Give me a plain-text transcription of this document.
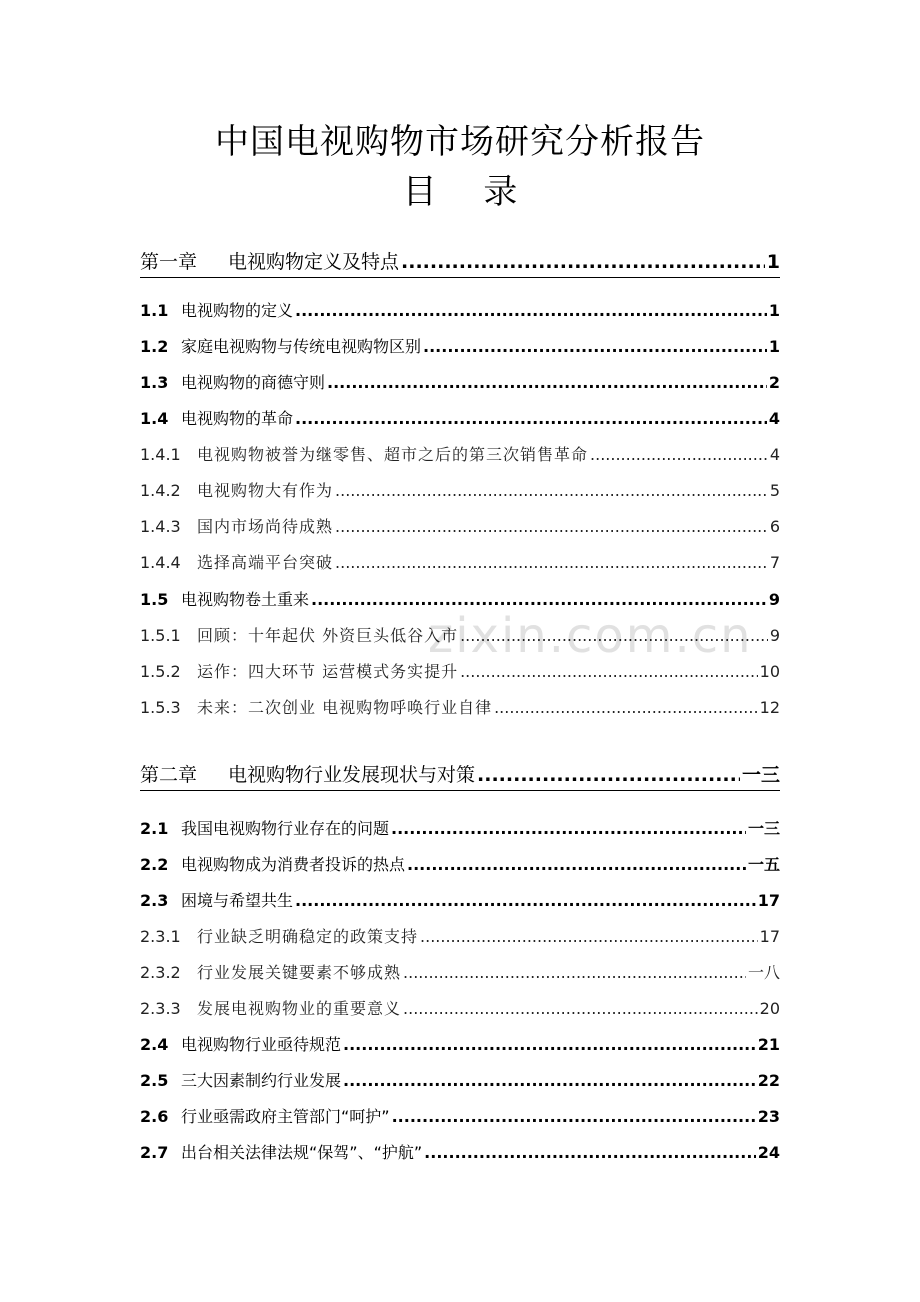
中国电视购物市场研究分析报告
目 录
zixin.com.cn
第一章	电视购物定义及特点 .....	1
1.1 电视购物的定义 .....	1
1.2 家庭电视购物与传统电视购物区别 .....	1
1.3 电视购物的商德守则 .....	2
1.4 电视购物的革命 .....	4
1.4.1	电视购物被誉为继零售、超市之后的第三次销售革命 .....	4
1.4.2	电视购物大有作为 .....	5
1.4.3	国内市场尚待成熟 .....	6
1.4.4	选择高端平台突破 .....	7
1.5 电视购物卷土重来 .....	9
1.5.1	回顾：十年起伏 外资巨头低谷入市 .....	9
1.5.2	运作：四大环节 运营模式务实提升 .....	10
1.5.3	未来：二次创业 电视购物呼唤行业自律 .....	12
第二章	电视购物行业发展现状与对策 .....	一三
2.1 我国电视购物行业存在的问题 .....	一三
2.2 电视购物成为消费者投诉的热点 .....	一五
2.3 困境与希望共生 .....	17
2.3.1	行业缺乏明确稳定的政策支持 .....	17
2.3.2	行业发展关键要素不够成熟 .....	一八
2.3.3	发展电视购物业的重要意义 .....	20
2.4 电视购物行业亟待规范 .....	21
2.5 三大因素制约行业发展 .....	22
2.6 行业亟需政府主管部门“呵护” .....	23
2.7 出台相关法律法规“保驾”、“护航” .....	24
